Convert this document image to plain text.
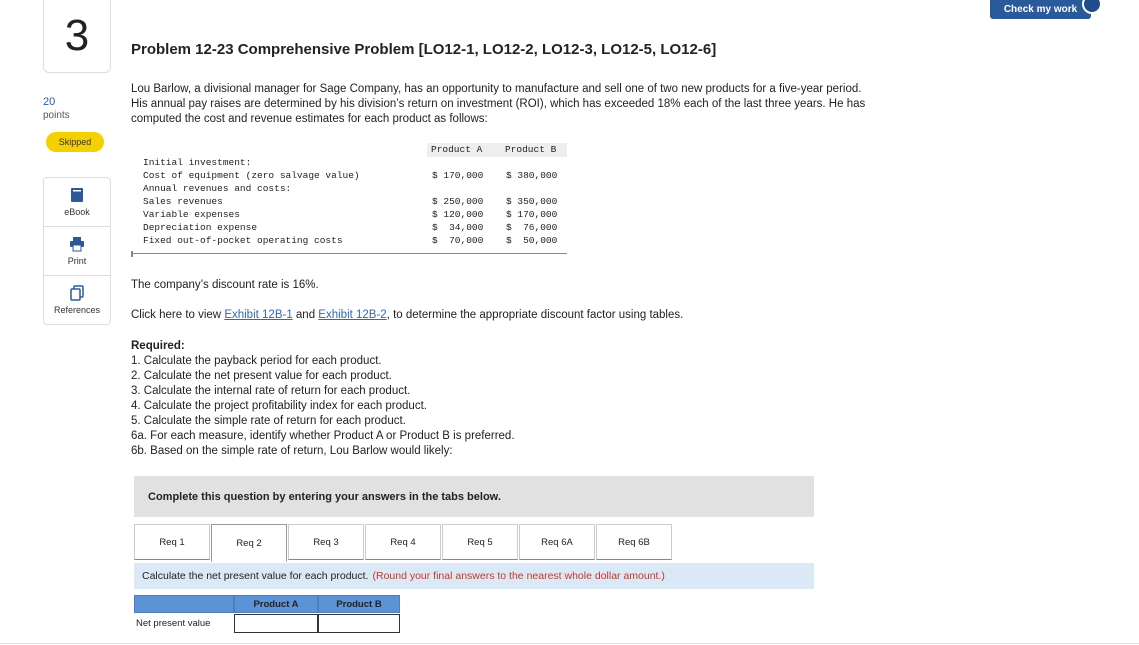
3
20
points
Skipped
eBook
Print
References
Check my work
Problem 12-23 Comprehensive Problem [LO12-1, LO12-2, LO12-3, LO12-5, LO12-6]
Lou Barlow, a divisional manager for Sage Company, has an opportunity to manufacture and sell one of two new products for a five-year period. His annual pay raises are determined by his division’s return on investment (ROI), which has exceeded 18% each of the last three years. He has computed the cost and revenue estimates for each product as follows:
Product A Product B
Initial investment:
Cost of equipment (zero salvage value)	$ 170,000 $ 380,000
Annual revenues and costs:
Sales revenues	$ 250,000 $ 350,000
Variable expenses	$ 120,000 $ 170,000
Depreciation expense	$  34,000 $  76,000
Fixed out-of-pocket operating costs	$  70,000 $  50,000
The company’s discount rate is 16%.
Click here to view Exhibit 12B-1 and Exhibit 12B-2, to determine the appropriate discount factor using tables.
Required:
1. Calculate the payback period for each product.
2. Calculate the net present value for each product.
3. Calculate the internal rate of return for each product.
4. Calculate the project profitability index for each product.
5. Calculate the simple rate of return for each product.
6a. For each measure, identify whether Product A or Product B is preferred.
6b. Based on the simple rate of return, Lou Barlow would likely:
Complete this question by entering your answers in the tabs below.
Req 1	Req 2	Req 3	Req 4	Req 5	Req 6A	Req 6B
Calculate the net present value for each product. (Round your final answers to the nearest whole dollar amount.)
Product A	Product B
Net present value
